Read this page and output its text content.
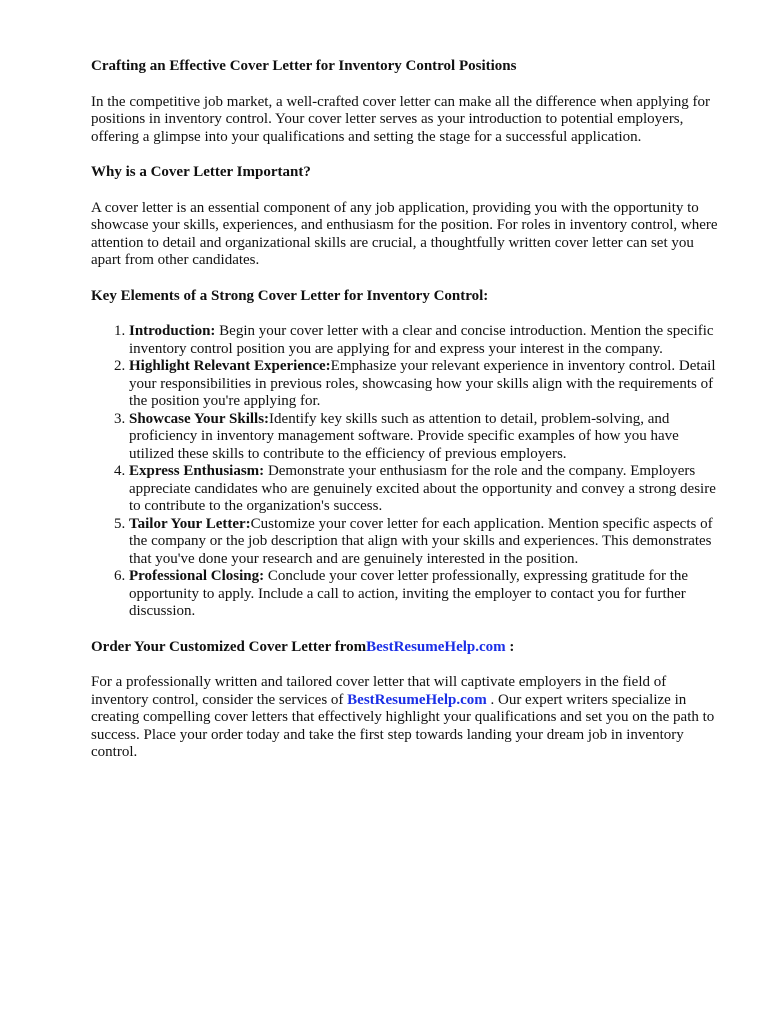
Crafting an Effective Cover Letter for Inventory Control Positions

In the competitive job market, a well-crafted cover letter can make all the difference when applying for positions in inventory control. Your cover letter serves as your introduction to potential employers, offering a glimpse into your qualifications and setting the stage for a successful application.

Why is a Cover Letter Important?

A cover letter is an essential component of any job application, providing you with the opportunity to showcase your skills, experiences, and enthusiasm for the position. For roles in inventory control, where attention to detail and organizational skills are crucial, a thoughtfully written cover letter can set you apart from other candidates.

Key Elements of a Strong Cover Letter for Inventory Control:
1. Introduction: Begin your cover letter with a clear and concise introduction. Mention the specific inventory control position you are applying for and express your interest in the company.
2. Highlight Relevant Experience:Emphasize your relevant experience in inventory control. Detail your responsibilities in previous roles, showcasing how your skills align with the requirements of the position you're applying for.
3. Showcase Your Skills:Identify key skills such as attention to detail, problem-solving, and proficiency in inventory management software. Provide specific examples of how you have utilized these skills to contribute to the efficiency of previous employers.
4. Express Enthusiasm: Demonstrate your enthusiasm for the role and the company. Employers appreciate candidates who are genuinely excited about the opportunity and convey a strong desire to contribute to the organization's success.
5. Tailor Your Letter:Customize your cover letter for each application. Mention specific aspects of the company or the job description that align with your skills and experiences. This demonstrates that you've done your research and are genuinely interested in the position.
6. Professional Closing: Conclude your cover letter professionally, expressing gratitude for the opportunity to apply. Include a call to action, inviting the employer to contact you for further discussion.
Order Your Customized Cover Letter fromBestResumeHelp.com :

For a professionally written and tailored cover letter that will captivate employers in the field of inventory control, consider the services of BestResumeHelp.com . Our expert writers specialize in creating compelling cover letters that effectively highlight your qualifications and set you on the path to success. Place your order today and take the first step towards landing your dream job in inventory control.
